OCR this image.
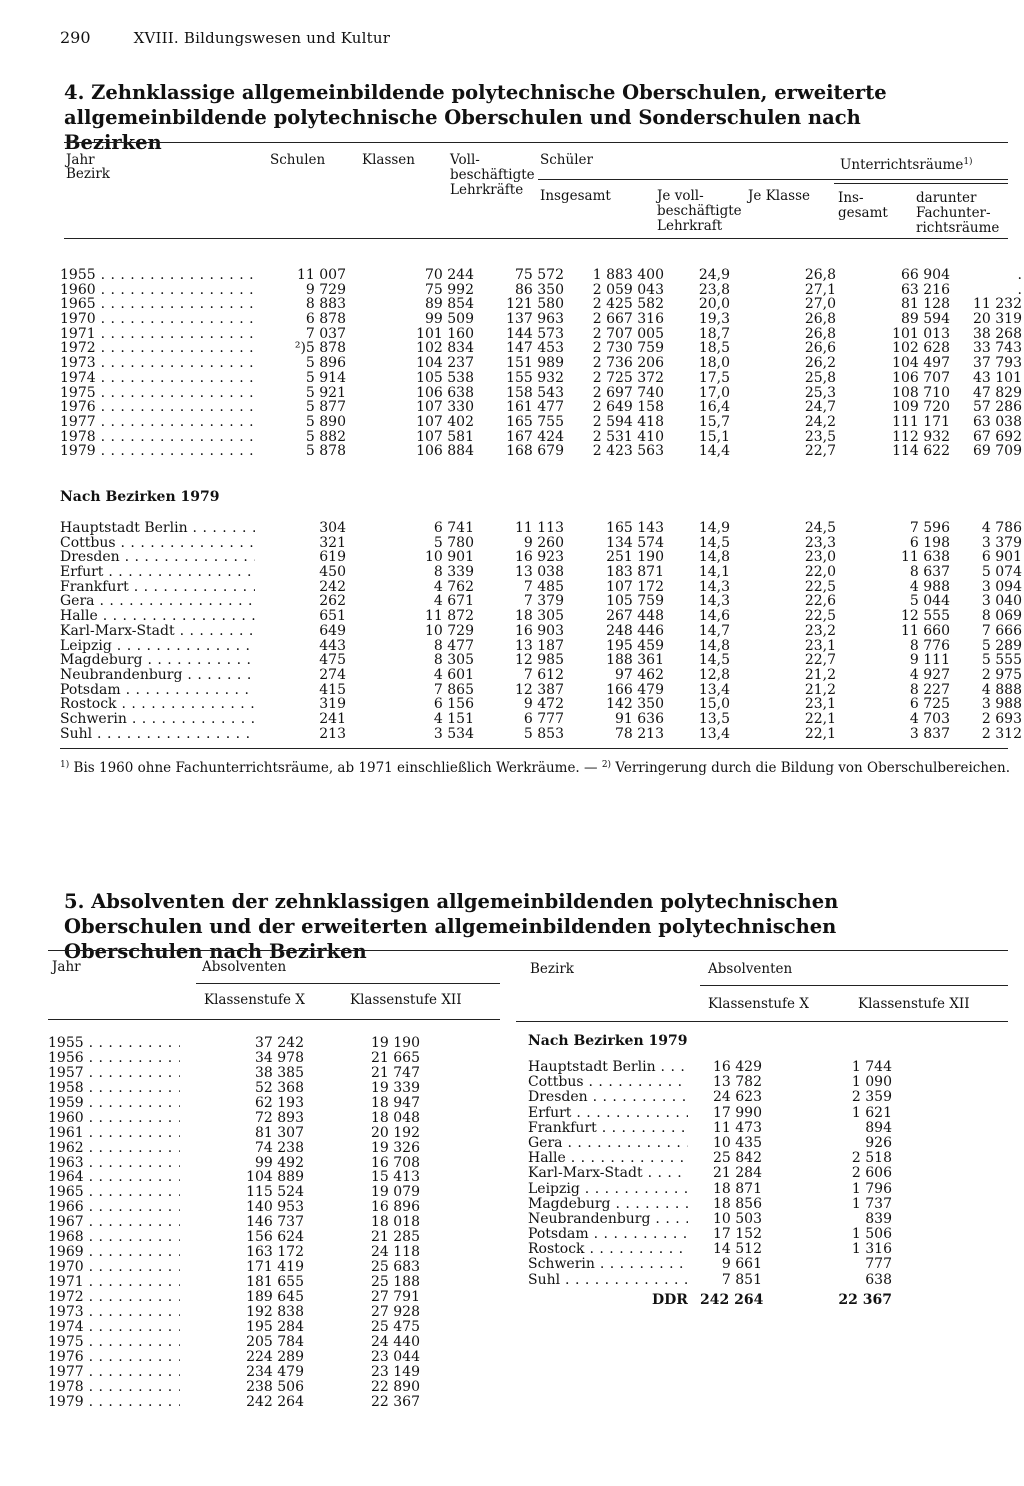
290	XVIII. Bildungswesen und Kultur
4. Zehnklassige allgemeinbildende polytechnische Oberschulen, erweiterte allgemeinbildende polytechnische Oberschulen und Sonderschulen nach Bezirken
Jahr
Bezirk
Schulen	Klassen	Voll-
beschäftigte
Lehrkräfte
Schüler
Insgesamt	Je voll-
beschäftigte
Lehrkraft
Je Klasse
Unterrichtsräume$^{1)}$
Ins-
gesamt
darunter
Fachunter-
richtsräume
1955 . . .	11 007	70 244	75 572	1 883 400	24,9	26,8	66 904	.
1960 . . .	9 729	75 992	86 350	2 059 043	23,8	27,1	63 216	.
1965 . . .	8 883	89 854	121 580	2 425 582	20,0	27,0	81 128	11 232
1970 . . .	6 878	99 509	137 963	2 667 316	19,3	26,8	89 594	20 319
1971 . . .	7 037	101 160	144 573	2 707 005	18,7	26,8	101 013	38 268
1972 . . .	²)5 878	102 834	147 453	2 730 759	18,5	26,6	102 628	33 743
1973 . . .	5 896	104 237	151 989	2 736 206	18,0	26,2	104 497	37 793
1974 . . .	5 914	105 538	155 932	2 725 372	17,5	25,8	106 707	43 101
1975 . . .	5 921	106 638	158 543	2 697 740	17,0	25,3	108 710	47 829
1976 . . .	5 877	107 330	161 477	2 649 158	16,4	24,7	109 720	57 286
1977 . . .	5 890	107 402	165 755	2 594 418	15,7	24,2	111 171	63 038
1978 . . .	5 882	107 581	167 424	2 531 410	15,1	23,5	112 932	67 692
1979 . . .	5 878	106 884	168 679	2 423 563	14,4	22,7	114 622	69 709
Nach Bezirken 1979
Hauptstadt Berlin . . .	304	6 741	11 113	165 143	14,9	24,5	7 596	4 786
Cottbus . . .	321	5 780	9 260	134 574	14,5	23,3	6 198	3 379
Dresden . . .	619	10 901	16 923	251 190	14,8	23,0	11 638	6 901
Erfurt . . .	450	8 339	13 038	183 871	14,1	22,0	8 637	5 074
Frankfurt . . .	242	4 762	7 485	107 172	14,3	22,5	4 988	3 094
Gera . . .	262	4 671	7 379	105 759	14,3	22,6	5 044	3 040
Halle . . .	651	11 872	18 305	267 448	14,6	22,5	12 555	8 069
Karl-Marx-Stadt . . .	649	10 729	16 903	248 446	14,7	23,2	11 660	7 666
Leipzig . . .	443	8 477	13 187	195 459	14,8	23,1	8 776	5 289
Magdeburg . . .	475	8 305	12 985	188 361	14,5	22,7	9 111	5 555
Neubrandenburg . . .	274	4 601	7 612	97 462	12,8	21,2	4 927	2 975
Potsdam . . .	415	7 865	12 387	166 479	13,4	21,2	8 227	4 888
Rostock . . .	319	6 156	9 472	142 350	15,0	23,1	6 725	3 988
Schwerin . . .	241	4 151	6 777	91 636	13,5	22,1	4 703	2 693
Suhl . . .	213	3 534	5 853	78 213	13,4	22,1	3 837	2 312
$^{1)}$ Bis 1960 ohne Fachunterrichtsräume, ab 1971 einschließlich Werkräume. — $^{2)}$ Verringerung durch die Bildung von Oberschulbereichen.
5. Absolventen der zehnklassigen allgemeinbildenden polytechnischen Oberschulen und der erweiterten allgemeinbildenden polytechnischen Oberschulen nach Bezirken
Jahr	Absolventen
Klassenstufe X	Klassenstufe XII
Bezirk	Absolventen
Klassenstufe X	Klassenstufe XII
1955 . . .	37 242	19 190
1956 . . .	34 978	21 665
1957 . . .	38 385	21 747
1958 . . .	52 368	19 339
1959 . . .	62 193	18 947
1960 . . .	72 893	18 048
1961 . . .	81 307	20 192
1962 . . .	74 238	19 326
1963 . . .	99 492	16 708
1964 . . .	104 889	15 413
1965 . . .	115 524	19 079
1966 . . .	140 953	16 896
1967 . . .	146 737	18 018
1968 . . .	156 624	21 285
1969 . . .	163 172	24 118
1970 . . .	171 419	25 683
1971 . . .	181 655	25 188
1972 . . .	189 645	27 791
1973 . . .	192 838	27 928
1974 . . .	195 284	25 475
1975 . . .	205 784	24 440
1976 . . .	224 289	23 044
1977 . . .	234 479	23 149
1978 . . .	238 506	22 890
1979 . . .	242 264	22 367
Nach Bezirken 1979
Hauptstadt Berlin . . .	16 429	1 744
Cottbus . . .	13 782	1 090
Dresden . . .	24 623	2 359
Erfurt . . .	17 990	1 621
Frankfurt . . .	11 473	894
Gera . . .	10 435	926
Halle . . .	25 842	2 518
Karl-Marx-Stadt . . .	21 284	2 606
Leipzig . . .	18 871	1 796
Magdeburg . . .	18 856	1 737
Neubrandenburg . . .	10 503	839
Potsdam . . .	17 152	1 506
Rostock . . .	14 512	1 316
Schwerin . . .	9 661	777
Suhl . . .	7 851	638
DDR 242 264	22 367
